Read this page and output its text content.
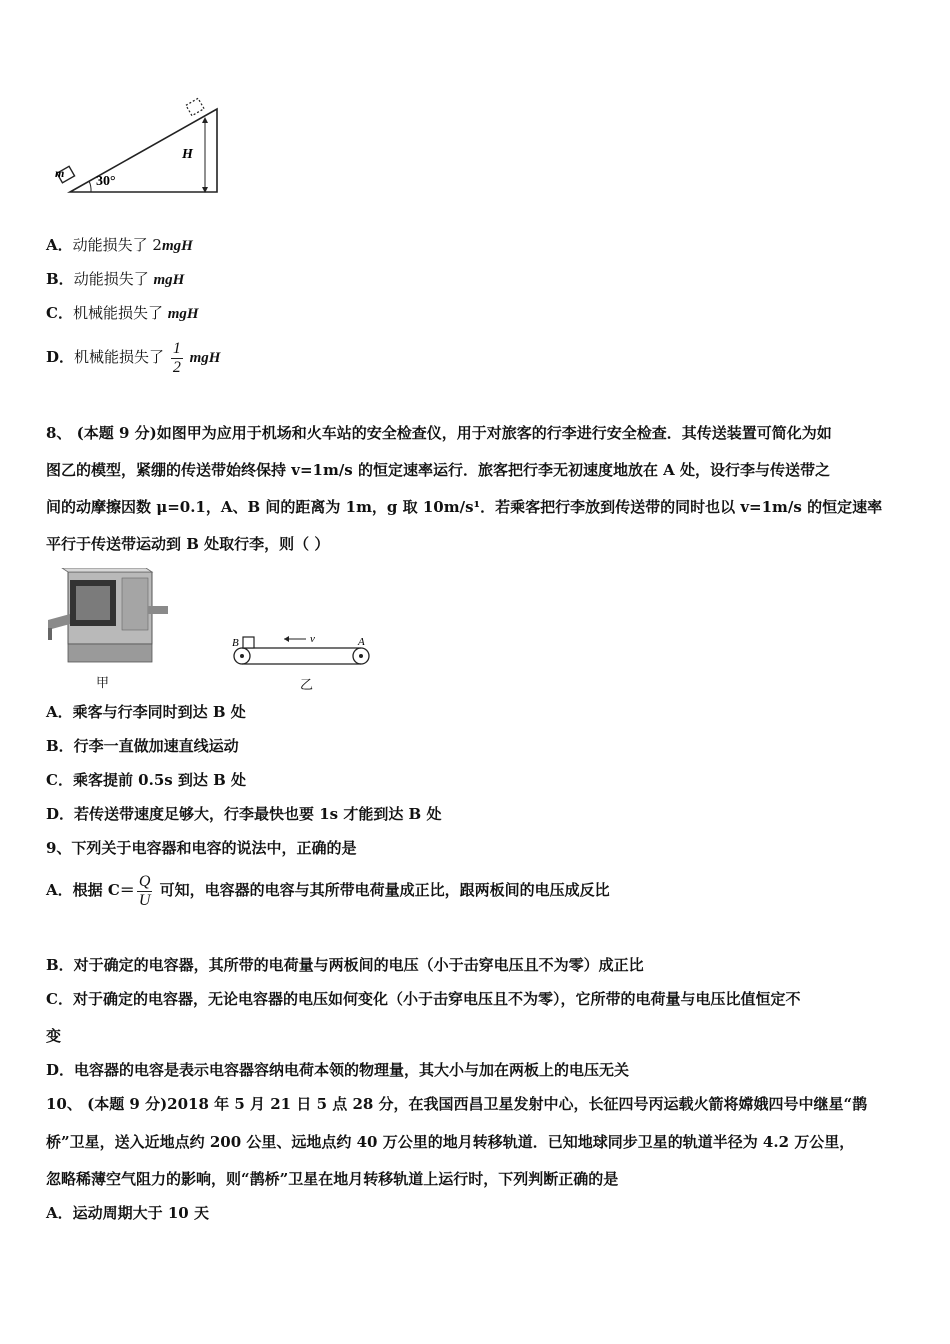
m
30°
H
A．动能损失了 2mgH
B．动能损失了 mgH
C．机械能损失了 mgH
D．机械能损失了 $\frac{1}{2}$ mgH
8、 (本题 9 分)如图甲为应用于机场和火车站的安全检查仪，用于对旅客的行李进行安全检查．其传送装置可简化为如
图乙的模型，紧绷的传送带始终保持 v=1m/s 的恒定速率运行．旅客把行李无初速度地放在 A 处，设行李与传送带之
间的动摩擦因数 μ=0.1，A、B 间的距离为 1m，g 取 10m/s¹．若乘客把行李放到传送带的同时也以 v=1m/s 的恒定速率
平行于传送带运动到 B 处取行李，则（ ）
甲
B	v	A
乙
A．乘客与行李同时到达 B 处
B．行李一直做加速直线运动
C．乘客提前 0.5s 到达 B 处
D．若传送带速度足够大，行李最快也要 1s 才能到达 B 处
9、下列关于电容器和电容的说法中，正确的是
A．根据 $C= \frac{Q}{U}$ 可知，电容器的电容与其所带电荷量成正比，跟两板间的电压成反比
B．对于确定的电容器，其所带的电荷量与两板间的电压（小于击穿电压且不为零）成正比
C．对于确定的电容器，无论电容器的电压如何变化（小于击穿电压且不为零），它所带的电荷量与电压比值恒定不
变
D．电容器的电容是表示电容器容纳电荷本领的物理量，其大小与加在两板上的电压无关
10、 (本题 9 分)2018 年 5 月 21 日 5 点 28 分，在我国西昌卫星发射中心，长征四号丙运载火箭将嫦娥四号中继星“鹊
桥”卫星，送入近地点约 200 公里、远地点约 40 万公里的地月转移轨道．已知地球同步卫星的轨道半径为 4.2 万公里，
忽略稀薄空气阻力的影响，则“鹊桥”卫星在地月转移轨道上运行时，下列判断正确的是
A．运动周期大于 10 天
